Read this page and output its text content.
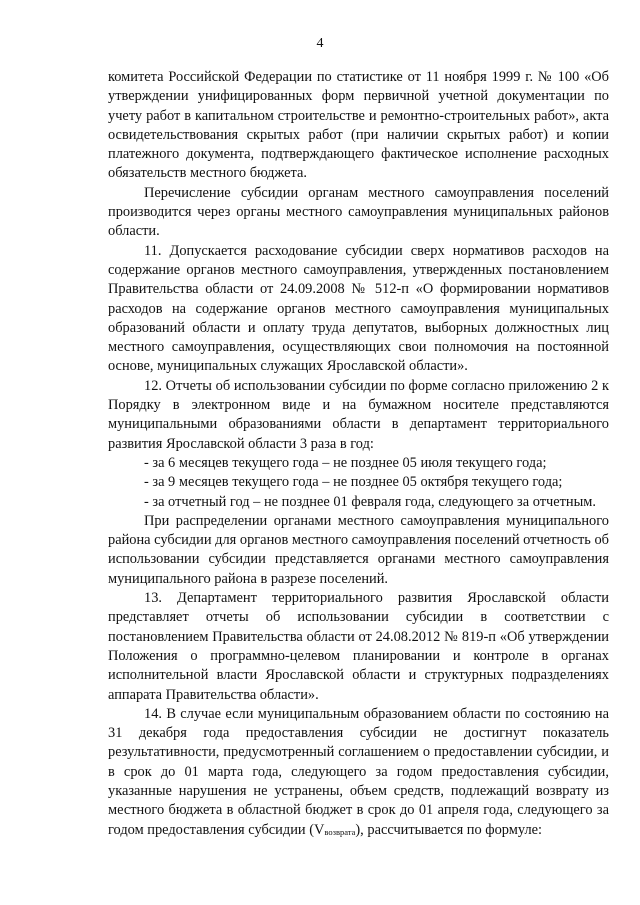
4

комитета Российской Федерации по статистике от 11 ноября 1999 г. № 100 «Об утверждении унифицированных форм первичной учетной документации по учету работ в капитальном строительстве и ремонтно-строительных работ», акта освидетельствования скрытых работ (при наличии скрытых работ) и копии платежного документа, подтверждающего фактическое исполнение расходных обязательств местного бюджета.

Перечисление субсидии органам местного самоуправления поселений производится через органы местного самоуправления муниципальных районов области.

11. Допускается расходование субсидии сверх нормативов расходов на содержание органов местного самоуправления, утвержденных постановлением Правительства области от 24.09.2008 № 512-п «О формировании нормативов расходов на содержание органов местного самоуправления муниципальных образований области и оплату труда депутатов, выборных должностных лиц местного самоуправления, осуществляющих свои полномочия на постоянной основе, муниципальных служащих Ярославской области».

12. Отчеты об использовании субсидии по форме согласно приложению 2 к Порядку в электронном виде и на бумажном носителе представляются муниципальными образованиями области в департамент территориального развития Ярославской области 3 раза в год:

- за 6 месяцев текущего года – не позднее 05 июля текущего года;

- за 9 месяцев текущего года – не позднее 05 октября текущего года;

- за отчетный год – не позднее 01 февраля года, следующего за отчетным.

При распределении органами местного самоуправления муниципального района субсидии для органов местного самоуправления поселений отчетность об использовании субсидии представляется органами местного самоуправления муниципального района в разрезе поселений.

13. Департамент территориального развития Ярославской области представляет отчеты об использовании субсидии в соответствии с постановлением Правительства области от 24.08.2012 № 819-п «Об утверждении Положения о программно-целевом планировании и контроле в органах исполнительной власти Ярославской области и структурных подразделениях аппарата Правительства области».

14. В случае если муниципальным образованием области по состоянию на 31 декабря года предоставления субсидии не достигнут показатель результативности, предусмотренный соглашением о предоставлении субсидии, и в срок до 01 марта года, следующего за годом предоставления субсидии, указанные нарушения не устранены, объем средств, подлежащий возврату из местного бюджета в областной бюджет в срок до 01 апреля года, следующего за годом предоставления субсидии $(V_{возврата})$, рассчитывается по формуле:
